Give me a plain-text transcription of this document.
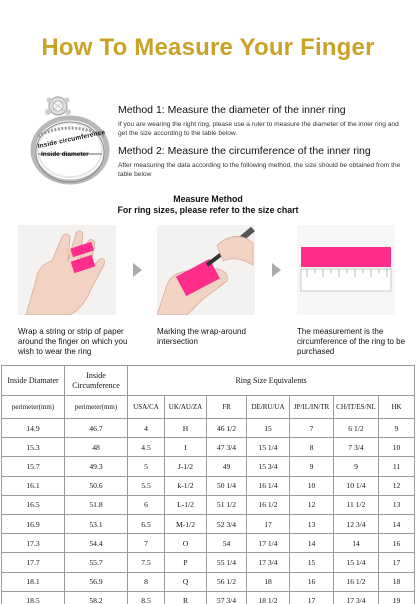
How To Measure Your Finger
Inside circumference
Inside diameter
Method 1: Measure the diameter of the inner ring
If you are wearing the right ring, please use a ruler to measure the diameter of the inner ring and get the size according to the table below.
Method 2: Measure the circumference of the inner ring
After measuring the data according to the following method, the size should be obtained from the table below
Measure Method
For ring sizes, please refer to the size chart
Wrap a string or strip of paper around the finger on which you wish to wear the ring
Marking the wrap-around intersection
The measurement is the circumference of the ring to be purchased
Inside Diamater	Inside Circumference	Ring Size Equivalents						
perimeter(mm)	perimeter(mm)	USA/CA	UK/AU/ZA	FR	DE/RU/UA	JP/IL/IN/TR	CH/IT/ES/NL	HK
14.9	46.7	4	H	46 1/2	15	7	6 1/2	9
15.3	48	4.5	I	47 3/4	15 1/4	8	7 3/4	10
15.7	49.3	5	J-1/2	49	15 3/4	9	9	11
16.1	50.6	5.5	k-1/2	50 1/4	16 1/4	10	10 1/4	12
16.5	51.8	6	L-1/2	51 1/2	16 1/2	12	11 1/2	13
16.9	53.1	6.5	M-1/2	52 3/4	17	13	12 3/4	14
17.3	54.4	7	O	54	17 1/4	14	14	16
17.7	55.7	7.5	P	55 1/4	17 3/4	15	15 1/4	17
18.1	56.9	8	Q	56 1/2	18	16	16 1/2	18
18.5	58.2	8.5	R	57 3/4	18 1/2	17	17 3/4	19
